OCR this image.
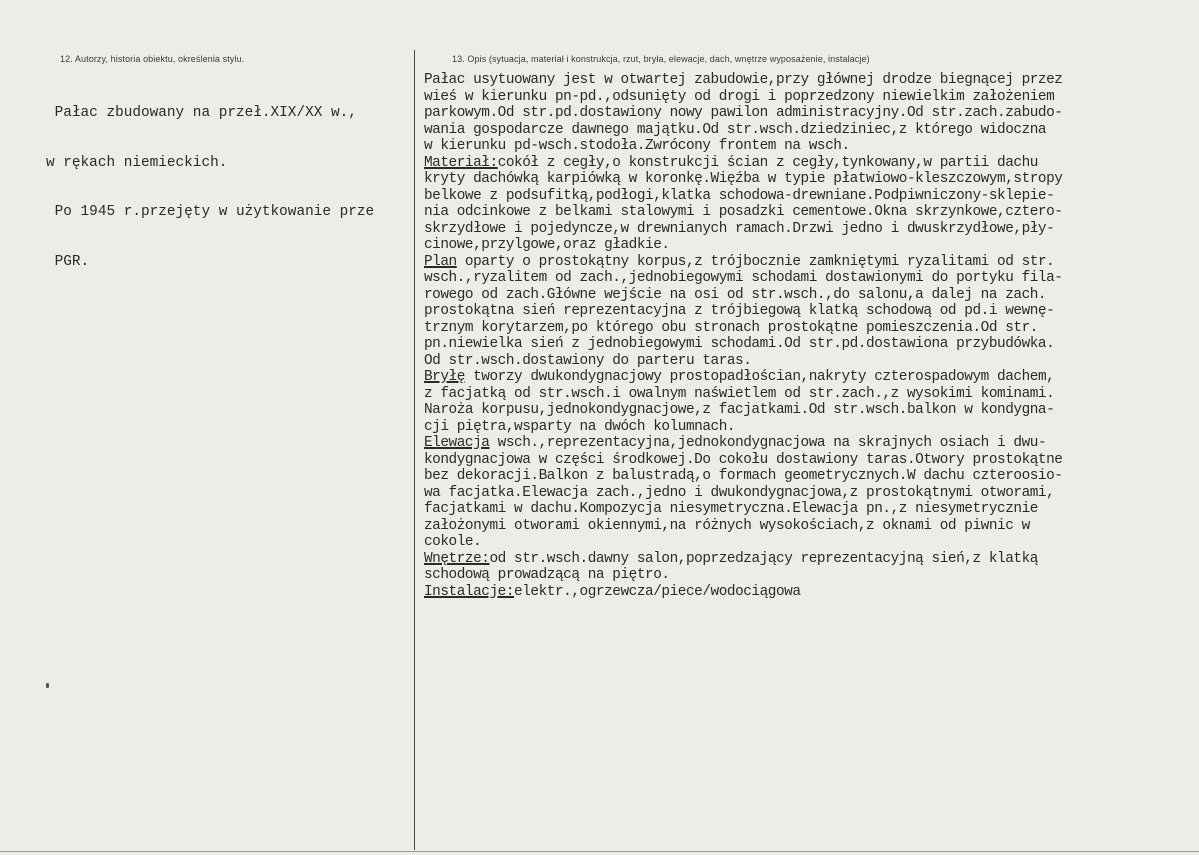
12. Autorzy, historia obiektu, określenia stylu.	13. Opis (sytuacja, materiał i konstrukcja, rzut, bryła, elewacje, dach, wnętrze wyposażenie, instalacje)

Pałac zbudowany na przeł.XIX/XX w.,

w rękach niemieckich.

Po 1945 r.przejęty w użytkowanie prze

PGR.

Pałac usytuowany jest w otwartej zabudowie,przy głównej drodze biegnącej przez
wieś w kierunku pn-pd.,odsunięty od drogi i poprzedzony niewielkim założeniem
parkowym.Od str.pd.dostawiony nowy pawilon administracyjny.Od str.zach.zabudo-
wania gospodarcze dawnego majątku.Od str.wsch.dziedziniec,z którego widoczna
w kierunku pd-wsch.stodoła.Zwrócony frontem na wsch.
Materiał:cokół z cegły,o konstrukcji ścian z cegły,tynkowany,w partii dachu
kryty dachówką karpiówką w koronkę.Więźba w typie płatwiowo-kleszczowym,stropy
belkowe z podsufitką,podłogi,klatka schodowa-drewniane.Podpiwniczony-sklepie-
nia odcinkowe z belkami stalowymi i posadzki cementowe.Okna skrzynkowe,cztero-
skrzydłowe i pojedyncze,w drewnianych ramach.Drzwi jedno i dwuskrzydłowe,pły-
cinowe,przylgowe,oraz gładkie.
Plan oparty o prostokątny korpus,z trójbocznie zamkniętymi ryzalitami od str.
wsch.,ryzalitem od zach.,jednobiegowymi schodami dostawionymi do portyku fila-
rowego od zach.Główne wejście na osi od str.wsch.,do salonu,a dalej na zach.
prostokątna sień reprezentacyjna z trójbiegową klatką schodową od pd.i wewnę-
trznym korytarzem,po którego obu stronach prostokątne pomieszczenia.Od str.
pn.niewielka sień z jednobiegowymi schodami.Od str.pd.dostawiona przybudówka.
Od str.wsch.dostawiony do parteru taras.
Bryłę tworzy dwukondygnacjowy prostopadłościan,nakryty czterospadowym dachem,
z facjatką od str.wsch.i owalnym naświetlem od str.zach.,z wysokimi kominami.
Naroża korpusu,jednokondygnacjowe,z facjatkami.Od str.wsch.balkon w kondygna-
cji piętra,wsparty na dwóch kolumnach.
Elewacja wsch.,reprezentacyjna,jednokondygnacjowa na skrajnych osiach i dwu-
kondygnacjowa w części środkowej.Do cokołu dostawiony taras.Otwory prostokątne
bez dekoracji.Balkon z balustradą,o formach geometrycznych.W dachu czteroosio-
wa facjatka.Elewacja zach.,jedno i dwukondygnacjowa,z prostokątnymi otworami,
facjatkami w dachu.Kompozycja niesymetryczna.Elewacja pn.,z niesymetrycznie
założonymi otworami okiennymi,na różnych wysokościach,z oknami od piwnic w
cokole.
Wnętrze:od str.wsch.dawny salon,poprzedzający reprezentacyjną sień,z klatką
schodową prowadzącą na piętro.
Instalacje:elektr.,ogrzewcza/piece/wodociągowa
